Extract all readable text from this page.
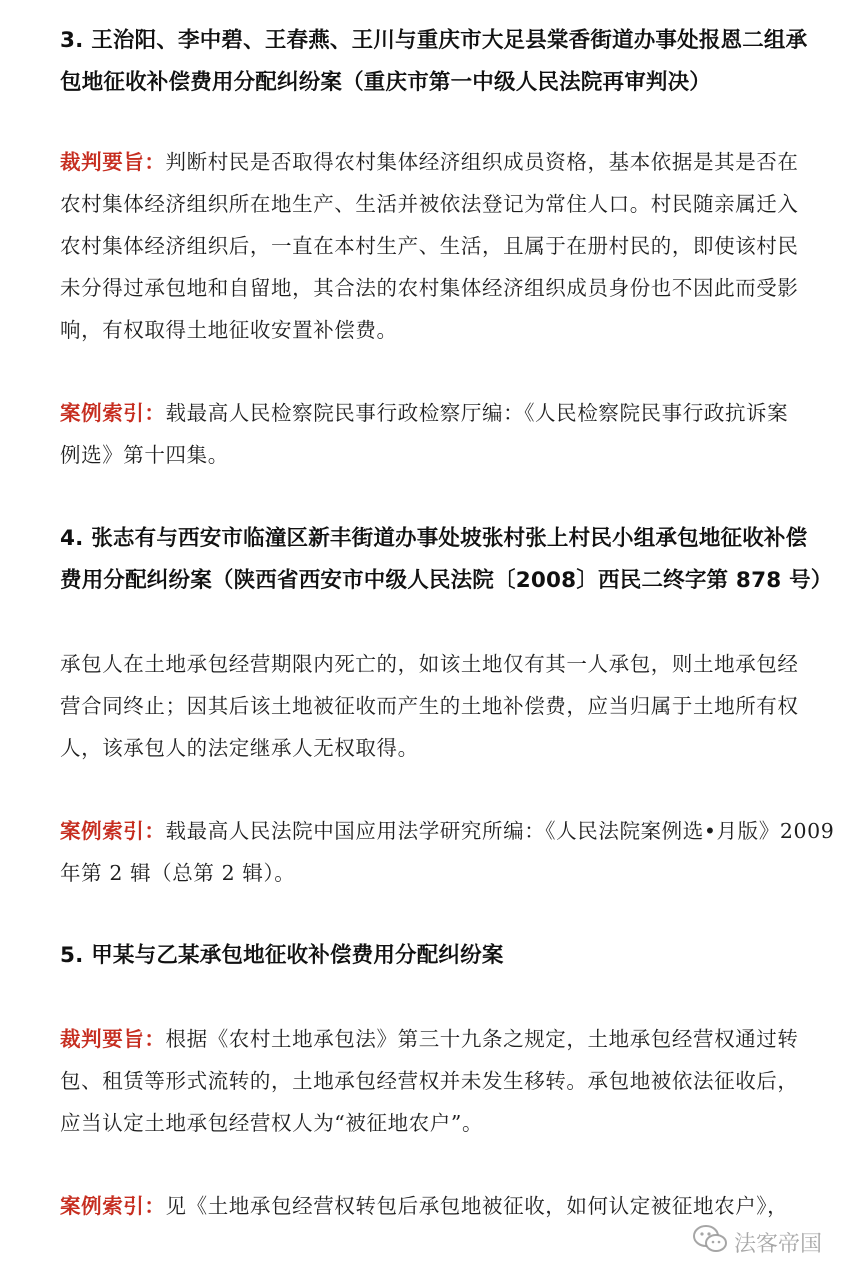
3. 王治阳、李中碧、王春燕、王川与重庆市大足县棠香街道办事处报恩二组承
包地征收补偿费用分配纠纷案（重庆市第一中级人民法院再审判决）

裁判要旨：判断村民是否取得农村集体经济组织成员资格，基本依据是其是否在
农村集体经济组织所在地生产、生活并被依法登记为常住人口。村民随亲属迁入
农村集体经济组织后，一直在本村生产、生活，且属于在册村民的，即使该村民
未分得过承包地和自留地，其合法的农村集体经济组织成员身份也不因此而受影
响，有权取得土地征收安置补偿费。

案例索引：载最高人民检察院民事行政检察厅编：《人民检察院民事行政抗诉案
例选》第十四集。

4. 张志有与西安市临潼区新丰街道办事处坡张村张上村民小组承包地征收补偿
费用分配纠纷案（陕西省西安市中级人民法院〔2008〕西民二终字第 878 号）

承包人在土地承包经营期限内死亡的，如该土地仅有其一人承包，则土地承包经
营合同终止；因其后该土地被征收而产生的土地补偿费，应当归属于土地所有权
人，该承包人的法定继承人无权取得。

案例索引：载最高人民法院中国应用法学研究所编：《人民法院案例选•月版》2009
年第 2 辑（总第 2 辑）。

5. 甲某与乙某承包地征收补偿费用分配纠纷案

裁判要旨：根据《农村土地承包法》第三十九条之规定，土地承包经营权通过转
包、租赁等形式流转的，土地承包经营权并未发生移转。承包地被依法征收后，
应当认定土地承包经营权人为“被征地农户”。

案例索引：见《土地承包经营权转包后承包地被征收，如何认定被征地农户》，

法客帝国
